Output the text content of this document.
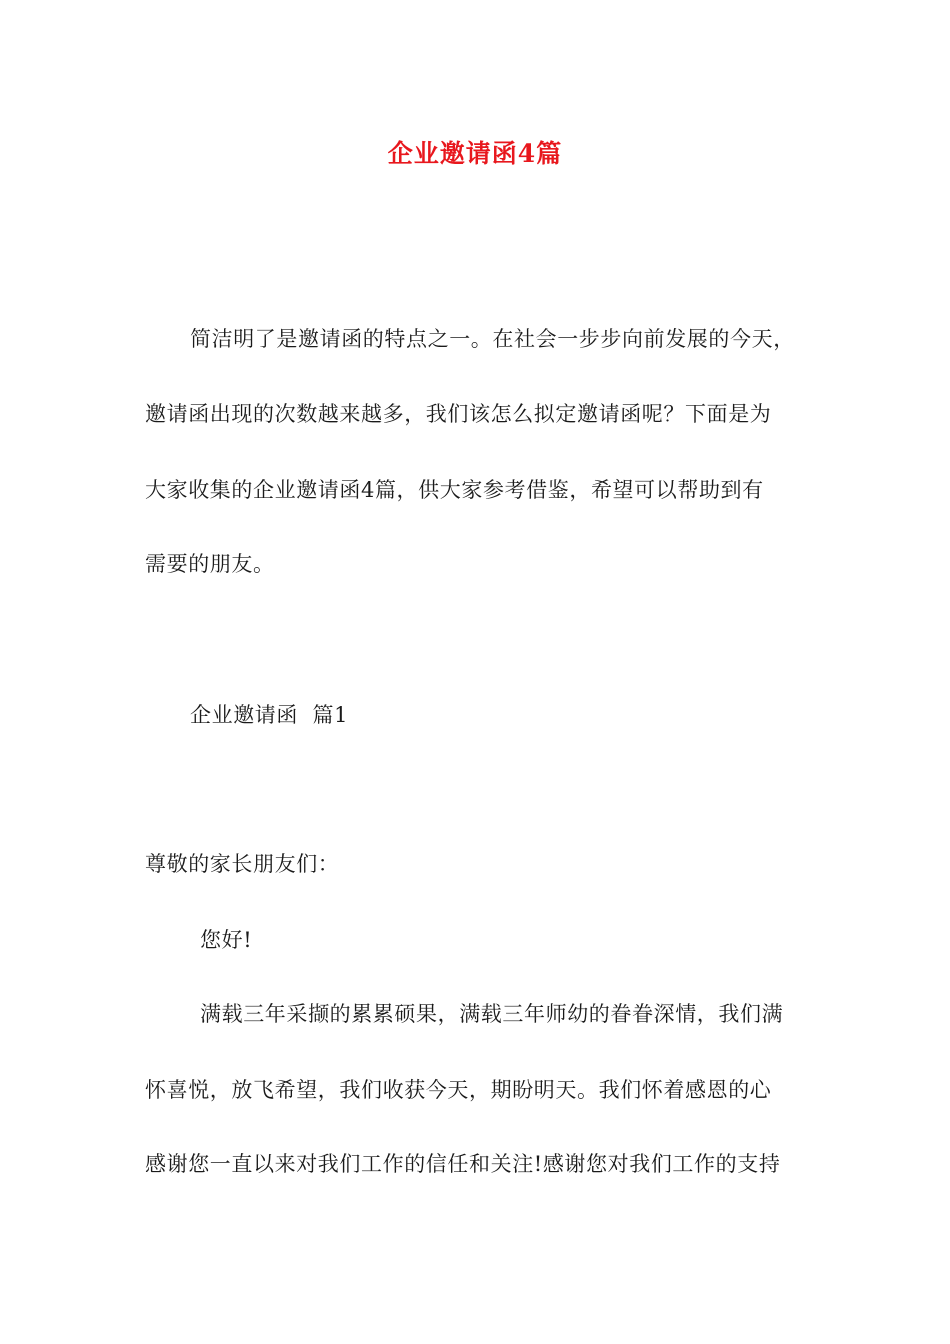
企业邀请函4篇
简洁明了是邀请函的特点之一。在社会一步步向前发展的今天，
邀请函出现的次数越来越多，我们该怎么拟定邀请函呢？下面是为
大家收集的企业邀请函4篇，供大家参考借鉴，希望可以帮助到有
需要的朋友。
企业邀请函  篇1
尊敬的家长朋友们：
您好!
满载三年采撷的累累硕果，满载三年师幼的眷眷深情，我们满
怀喜悦，放飞希望，我们收获今天，期盼明天。我们怀着感恩的心
感谢您一直以来对我们工作的信任和关注!感谢您对我们工作的支持
